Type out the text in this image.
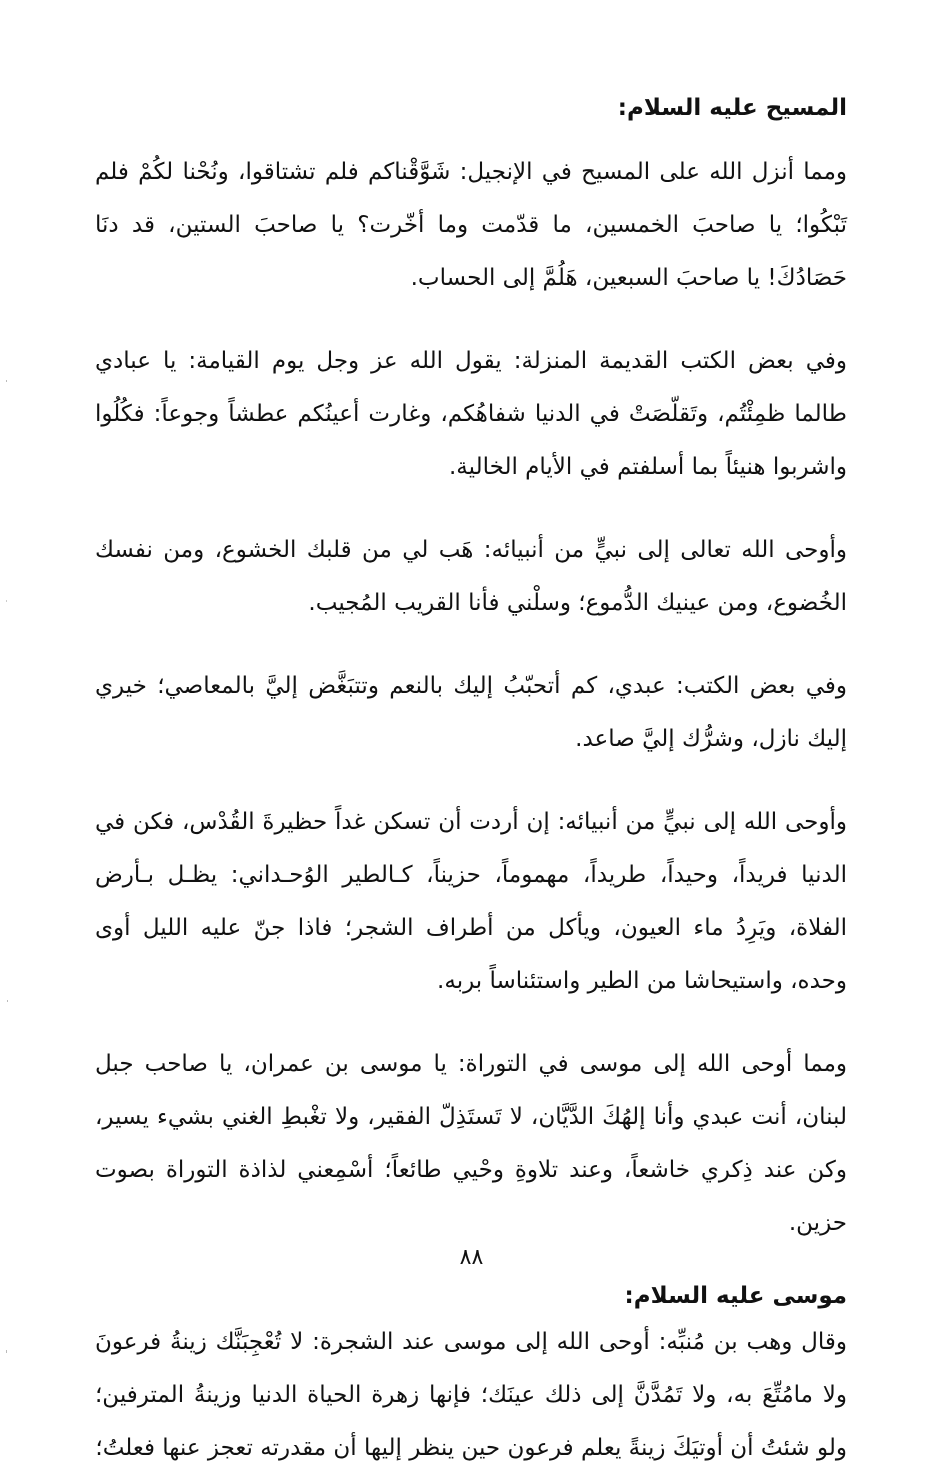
المسيح عليه السلام:

ومما أنزل الله على المسيح في الإنجيل: شَوَّقْناكم فلم تشتاقوا، ونُحْنا لكُمْ فلم تَبْكُوا؛ يا صاحبَ الخمسين، ما قدّمت وما أخّرت؟ يا صاحبَ الستين، قد دنَا حَصَادُكَ! يا صاحبَ السبعين، هَلُمَّ إلى الحساب.

وفي بعض الكتب القديمة المنزلة: يقول الله عز وجل يوم القيامة: يا عبادي طالما ظمِئْتُم، وتَقلّصَتْ في الدنيا شفاهُكم، وغارت أعينُكم عطشاً وجوعاً: فكُلُوا واشربوا هنيئاً بما أسلفتم في الأيام الخالية.

وأوحى الله تعالى إلى نبيٍّ من أنبيائه: هَب لي من قلبك الخشوع، ومن نفسك الخُضوع، ومن عينيك الدُّموع؛ وسلْني فأنا القريب المُجيب.

وفي بعض الكتب: عبدي، كم أتحبّبُ إليك بالنعم وتتبَغَّض إليَّ بالمعاصي؛ خيري إليك نازل، وشرُّك إليَّ صاعد.

وأوحى الله إلى نبيٍّ من أنبيائه: إن أردت أن تسكن غداً حظيرةَ القُدْس، فكن في الدنيا فريداً، وحيداً، طريداً، مهموماً، حزيناً، كـالطير الوُحـداني: يظـل بـأرض الفلاة، ويَرِدُ ماء العيون، ويأكل من أطراف الشجر؛ فاذا جنّ عليه الليل أوى وحده، واستيحاشا من الطير واستئناساً بربه.

ومما أوحى الله إلى موسى في التوراة: يا موسى بن عمران، يا صاحب جبل لبنان، أنت عبدي وأنا إلهُكَ الدَّيَّان، لا تَستَذِلّ الفقير، ولا تغْبطِ الغني بشيء يسير، وكن عند ذِكري خاشعاً، وعند تلاوةِ وحْيي طائعاً؛ أسْمِعني لذاذة التوراة بصوت حزين.

موسى عليه السلام:

وقال وهب بن مُنبِّه: أوحى الله إلى موسى عند الشجرة: لا تُعْجِبَنَّك زينةُ فرعونَ ولا مامُتِّعَ به، ولا تَمُدَّنَّ إلى ذلك عينَك؛ فإنها زهرة الحياة الدنيا وزينةُ المترفين؛ ولو شئتُ أن أوتيَكَ زينةً يعلم فرعون حين ينظر إليها أن مقدرته تعجز عنها فعلتُ؛

٨٨
